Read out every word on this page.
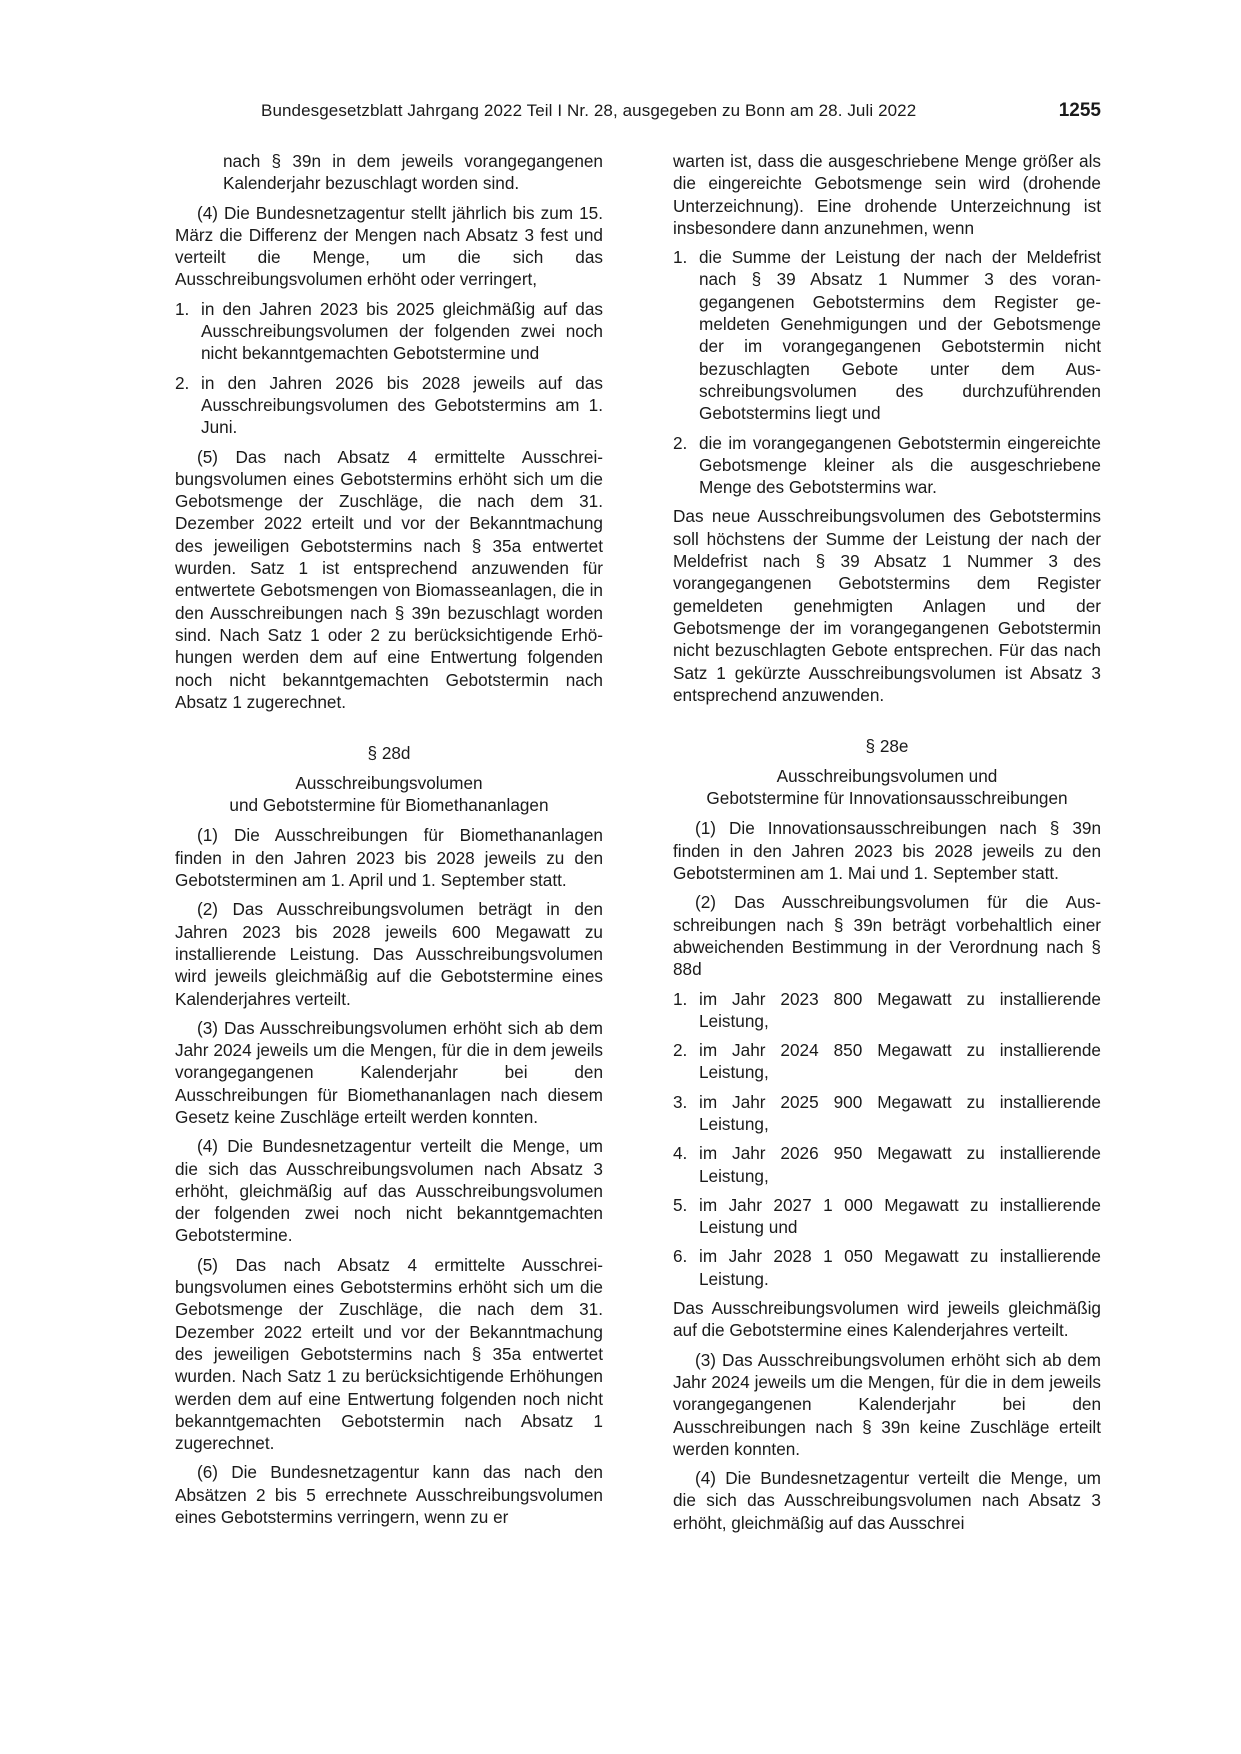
Bundesgesetzblatt Jahrgang 2022 Teil I Nr. 28, ausgegeben zu Bonn am 28. Juli 2022	1255

nach § 39n in dem jeweils vorangegangenen Kalenderjahr bezuschlagt worden sind.

(4) Die Bundesnetzagentur stellt jährlich bis zum 15. März die Differenz der Mengen nach Absatz 3 fest und verteilt die Menge, um die sich das Ausschreibungsvolumen erhöht oder verringert,

1. in den Jahren 2023 bis 2025 gleichmäßig auf das Ausschreibungsvolumen der folgenden zwei noch nicht bekanntgemachten Gebotstermine und
2. in den Jahren 2026 bis 2028 jeweils auf das Ausschreibungsvolumen des Gebotstermins am 1. Juni.

(5) Das nach Absatz 4 ermittelte Ausschreibungsvolumen eines Gebotstermins erhöht sich um die Gebotsmenge der Zuschläge, die nach dem 31. Dezember 2022 erteilt und vor der Bekanntmachung des jeweiligen Gebotstermins nach § 35a entwertet wurden. Satz 1 ist entsprechend anzuwenden für entwertete Gebotsmengen von Biomasseanlagen, die in den Ausschreibungen nach § 39n bezuschlagt worden sind. Nach Satz 1 oder 2 zu berücksichtigende Erhöhungen werden dem auf eine Entwertung folgenden noch nicht bekanntgemachten Gebotstermin nach Absatz 1 zugerechnet.

§ 28d
Ausschreibungsvolumen
und Gebotstermine für Biomethananlagen

(1) Die Ausschreibungen für Biomethananlagen finden in den Jahren 2023 bis 2028 jeweils zu den Gebotsterminen am 1. April und 1. September statt.

(2) Das Ausschreibungsvolumen beträgt in den Jahren 2023 bis 2028 jeweils 600 Megawatt zu installierende Leistung. Das Ausschreibungsvolumen wird jeweils gleichmäßig auf die Gebotstermine eines Kalenderjahres verteilt.

(3) Das Ausschreibungsvolumen erhöht sich ab dem Jahr 2024 jeweils um die Mengen, für die in dem jeweils vorangegangenen Kalenderjahr bei den Ausschreibungen für Biomethananlagen nach diesem Gesetz keine Zuschläge erteilt werden konnten.

(4) Die Bundesnetzagentur verteilt die Menge, um die sich das Ausschreibungsvolumen nach Absatz 3 erhöht, gleichmäßig auf das Ausschreibungsvolumen der folgenden zwei noch nicht bekanntgemachten Gebotstermine.

(5) Das nach Absatz 4 ermittelte Ausschreibungsvolumen eines Gebotstermins erhöht sich um die Gebotsmenge der Zuschläge, die nach dem 31. Dezember 2022 erteilt und vor der Bekanntmachung des jeweiligen Gebotstermins nach § 35a entwertet wurden. Nach Satz 1 zu berücksichtigende Erhöhungen werden dem auf eine Entwertung folgenden noch nicht bekanntgemachten Gebotstermin nach Absatz 1 zugerechnet.

(6) Die Bundesnetzagentur kann das nach den Absätzen 2 bis 5 errechnete Ausschreibungsvolumen eines Gebotstermins verringern, wenn zu er

warten ist, dass die ausgeschriebene Menge größer als die eingereichte Gebotsmenge sein wird (drohende Unterzeichnung). Eine drohende Unterzeichnung ist insbesondere dann anzunehmen, wenn

1. die Summe der Leistung der nach der Meldefrist nach § 39 Absatz 1 Nummer 3 des vorangegangenen Gebotstermins dem Register gemeldeten Genehmigungen und der Gebotsmenge der im vorangegangenen Gebotstermin nicht bezuschlagten Gebote unter dem Ausschreibungsvolumen des durchzuführenden Gebotstermins liegt und
2. die im vorangegangenen Gebotstermin eingereichte Gebotsmenge kleiner als die ausgeschriebene Menge des Gebotstermins war.

Das neue Ausschreibungsvolumen des Gebotstermins soll höchstens der Summe der Leistung der nach der Meldefrist nach § 39 Absatz 1 Nummer 3 des vorangegangenen Gebotstermins dem Register gemeldeten genehmigten Anlagen und der Gebotsmenge der im vorangegangenen Gebotstermin nicht bezuschlagten Gebote entsprechen. Für das nach Satz 1 gekürzte Ausschreibungsvolumen ist Absatz 3 entsprechend anzuwenden.

§ 28e
Ausschreibungsvolumen und
Gebotstermine für Innovationsausschreibungen

(1) Die Innovationsausschreibungen nach § 39n finden in den Jahren 2023 bis 2028 jeweils zu den Gebotsterminen am 1. Mai und 1. September statt.

(2) Das Ausschreibungsvolumen für die Ausschreibungen nach § 39n beträgt vorbehaltlich einer abweichenden Bestimmung in der Verordnung nach § 88d

1. im Jahr 2023 800 Megawatt zu installierende Leistung,
2. im Jahr 2024 850 Megawatt zu installierende Leistung,
3. im Jahr 2025 900 Megawatt zu installierende Leistung,
4. im Jahr 2026 950 Megawatt zu installierende Leistung,
5. im Jahr 2027 1 000 Megawatt zu installierende Leistung und
6. im Jahr 2028 1 050 Megawatt zu installierende Leistung.

Das Ausschreibungsvolumen wird jeweils gleichmäßig auf die Gebotstermine eines Kalenderjahres verteilt.

(3) Das Ausschreibungsvolumen erhöht sich ab dem Jahr 2024 jeweils um die Mengen, für die in dem jeweils vorangegangenen Kalenderjahr bei den Ausschreibungen nach § 39n keine Zuschläge erteilt werden konnten.

(4) Die Bundesnetzagentur verteilt die Menge, um die sich das Ausschreibungsvolumen nach Absatz 3 erhöht, gleichmäßig auf das Ausschrei
